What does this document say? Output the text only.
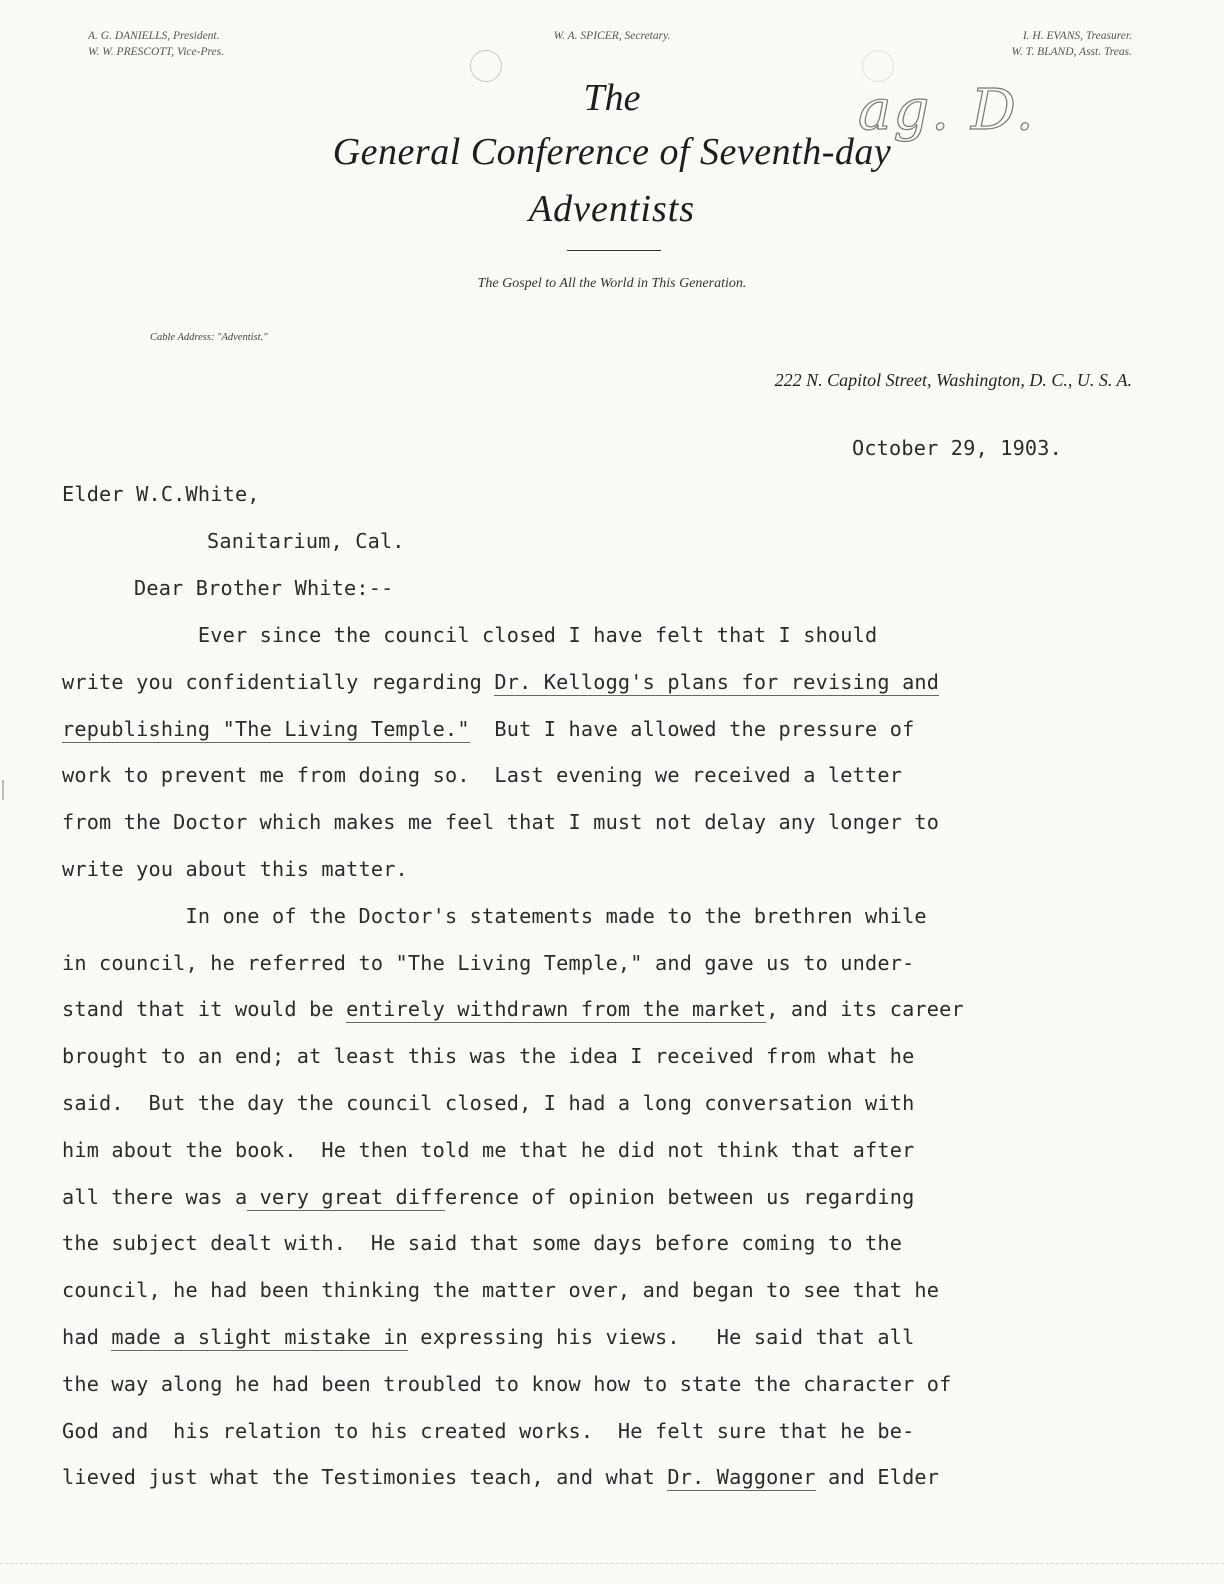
A. G. DANIELLS, President.
W. W. PRESCOTT, Vice-Pres.
W. A. SPICER, Secretary.	I. H. EVANS, Treasurer.
W. T. BLAND, Asst. Treas.
The
General Conference of Seventh-day
Adventists
The Gospel to All the World in This Generation.
Cable Address: "Adventist."
222 N. Capitol Street, Washington, D. C., U. S. A.
ag. D.
October 29, 1903.
Elder W.C.White,
Sanitarium, Cal.
Dear Brother White:--
Ever since the council closed I have felt that I should
write you confidentially regarding Dr. Kellogg's plans for revising and
republishing "The Living Temple."  But I have allowed the pressure of
work to prevent me from doing so.  Last evening we received a letter
from the Doctor which makes me feel that I must not delay any longer to
write you about this matter.
In one of the Doctor's statements made to the brethren while
in council, he referred to "The Living Temple," and gave us to under-
stand that it would be entirely withdrawn from the market, and its career
brought to an end; at least this was the idea I received from what he
said.  But the day the council closed, I had a long conversation with
him about the book.  He then told me that he did not think that after
all there was a very great difference of opinion between us regarding
the subject dealt with.  He said that some days before coming to the
council, he had been thinking the matter over, and began to see that he
had made a slight mistake in expressing his views.   He said that all
the way along he had been troubled to know how to state the character of
God and  his relation to his created works.  He felt sure that he be-
lieved just what the Testimonies teach, and what Dr. Waggoner and Elder
